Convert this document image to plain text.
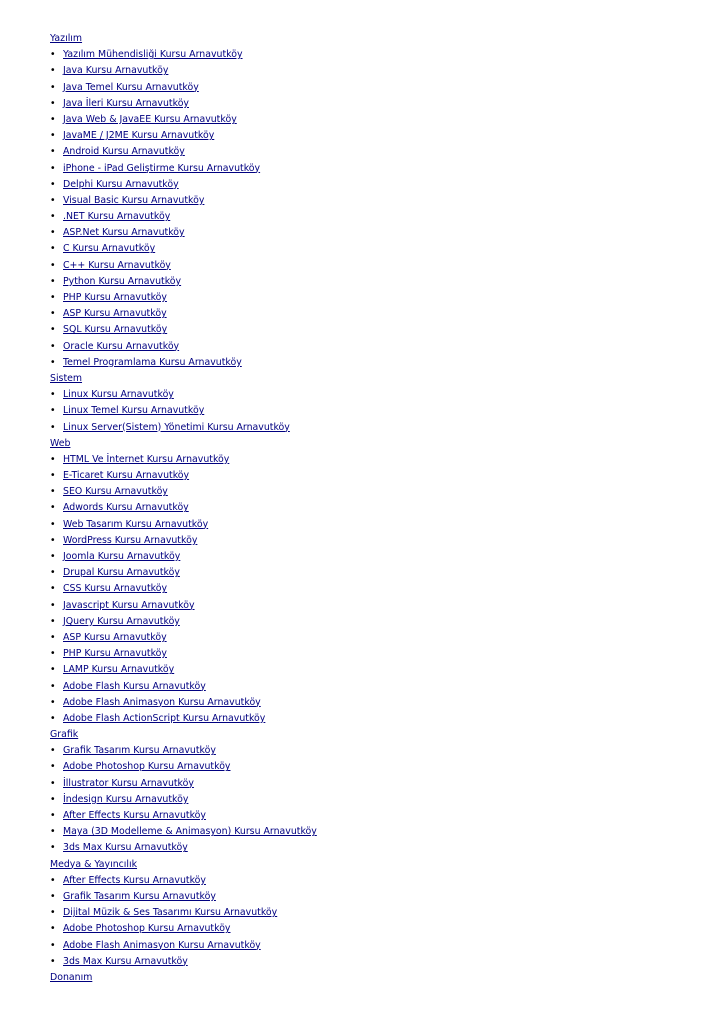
Yazılım
• Yazılım Mühendisliği Kursu Arnavutköy
• Java Kursu Arnavutköy
• Java Temel Kursu Arnavutköy
• Java İleri Kursu Arnavutköy
• Java Web & JavaEE Kursu Arnavutköy
• JavaME / J2ME Kursu Arnavutköy
• Android Kursu Arnavutköy
• iPhone - iPad Geliştirme Kursu Arnavutköy
• Delphi Kursu Arnavutköy
• Visual Basic Kursu Arnavutköy
• .NET Kursu Arnavutköy
• ASP.Net Kursu Arnavutköy
• C Kursu Arnavutköy
• C++ Kursu Arnavutköy
• Python Kursu Arnavutköy
• PHP Kursu Arnavutköy
• ASP Kursu Arnavutköy
• SQL Kursu Arnavutköy
• Oracle Kursu Arnavutköy
• Temel Programlama Kursu Arnavutköy
Sistem
• Linux Kursu Arnavutköy
• Linux Temel Kursu Arnavutköy
• Linux Server(Sistem) Yönetimi Kursu Arnavutköy
Web
• HTML Ve İnternet Kursu Arnavutköy
• E-Ticaret Kursu Arnavutköy
• SEO Kursu Arnavutköy
• Adwords Kursu Arnavutköy
• Web Tasarım Kursu Arnavutköy
• WordPress Kursu Arnavutköy
• Joomla Kursu Arnavutköy
• Drupal Kursu Arnavutköy
• CSS Kursu Arnavutköy
• Javascript Kursu Arnavutköy
• JQuery Kursu Arnavutköy
• ASP Kursu Arnavutköy
• PHP Kursu Arnavutköy
• LAMP Kursu Arnavutköy
• Adobe Flash Kursu Arnavutköy
• Adobe Flash Animasyon Kursu Arnavutköy
• Adobe Flash ActionScript Kursu Arnavutköy
Grafik
• Grafik Tasarım Kursu Arnavutköy
• Adobe Photoshop Kursu Arnavutköy
• İllustrator Kursu Arnavutköy
• İndesign Kursu Arnavutköy
• After Effects Kursu Arnavutköy
• Maya (3D Modelleme & Animasyon) Kursu Arnavutköy
• 3ds Max Kursu Arnavutköy
Medya & Yayıncılık
• After Effects Kursu Arnavutköy
• Grafik Tasarım Kursu Arnavutköy
• Dijital Müzik & Ses Tasarımı Kursu Arnavutköy
• Adobe Photoshop Kursu Arnavutköy
• Adobe Flash Animasyon Kursu Arnavutköy
• 3ds Max Kursu Arnavutköy
Donanım
